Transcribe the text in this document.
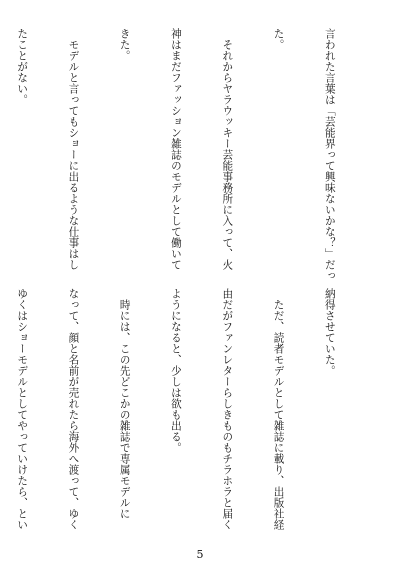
言われた言葉は「芸能界って興味ないかな？」だっ

た。

　それからヤラウッキー芸能事務所に入って、火

神はまだファッション雑誌のモデルとして働いて

きた。

　モデルと言ってもショーに出るような仕事はし

たことがない。

納得させていた。

　ただ、読者モデルとして雑誌に載り、出版社経

由だがファンレターらしきものもチラホラと届く

ようになると、少しは欲も出る。

　時には、この先どこかの雑誌で専属モデルに

なって、顔と名前が売れたら海外へ渡って、ゆく

ゆくはショーモデルとしてやっていけたら、とい

5
